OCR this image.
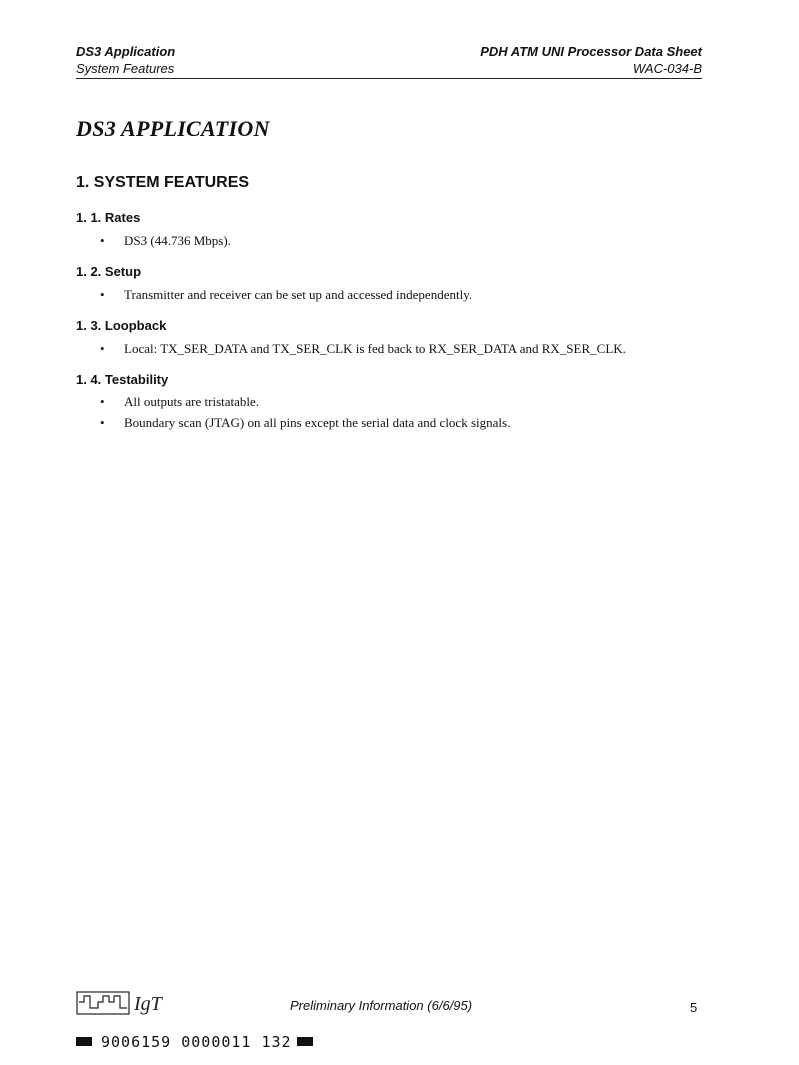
DS3 Application
System Features
PDH ATM UNI Processor Data Sheet
WAC-034-B
DS3 APPLICATION
1. SYSTEM FEATURES
1. 1. Rates
• DS3 (44.736 Mbps).
1. 2. Setup
• Transmitter and receiver can be set up and accessed independently.
1. 3. Loopback
• Local: TX_SER_DATA and TX_SER_CLK is fed back to RX_SER_DATA and RX_SER_CLK.
1. 4. Testability
• All outputs are tristatable.
• Boundary scan (JTAG) on all pins except the serial data and clock signals.
IgT	Preliminary Information (6/6/95)	5
9006159 0000011 132
